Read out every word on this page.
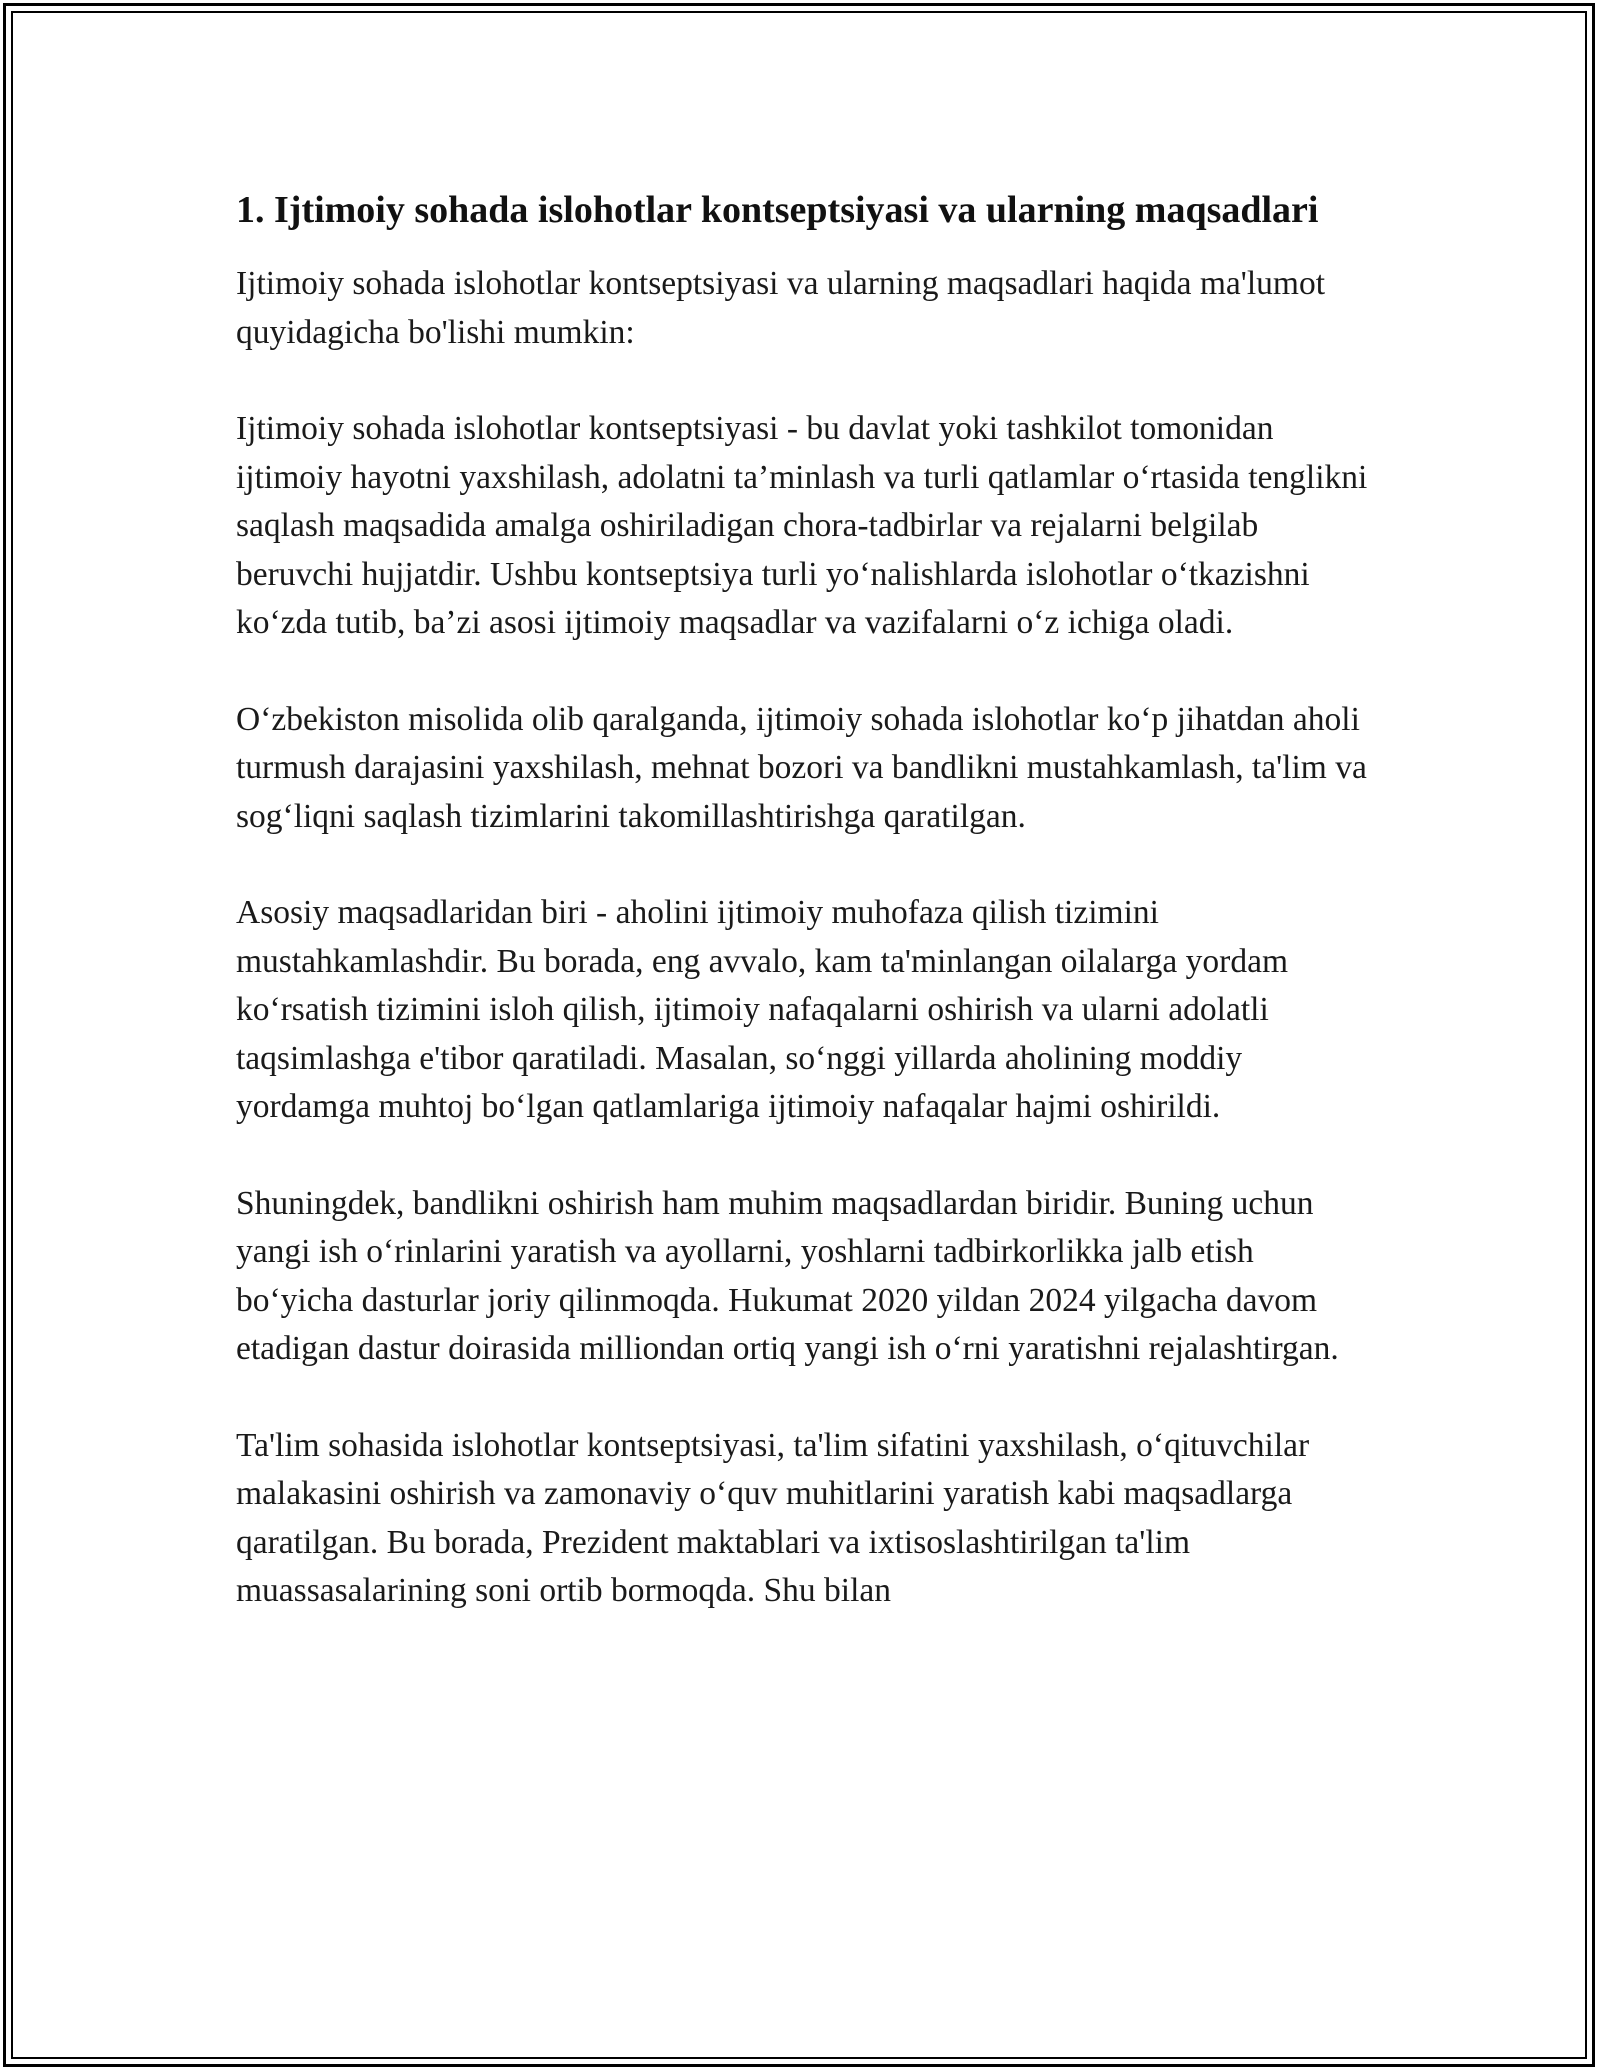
1. Ijtimoiy sohada islohotlar kontseptsiyasi va ularning maqsadlari

Ijtimoiy sohada islohotlar kontseptsiyasi va ularning maqsadlari haqida ma'lumot quyidagicha bo'lishi mumkin:

Ijtimoiy sohada islohotlar kontseptsiyasi - bu davlat yoki tashkilot tomonidan ijtimoiy hayotni yaxshilash, adolatni ta’minlash va turli qatlamlar o‘rtasida tenglikni saqlash maqsadida amalga oshiriladigan chora-tadbirlar va rejalarni belgilab beruvchi hujjatdir. Ushbu kontseptsiya turli yo‘nalishlarda islohotlar o‘tkazishni ko‘zda tutib, ba’zi asosi ijtimoiy maqsadlar va vazifalarni o‘z ichiga oladi.

O‘zbekiston misolida olib qaralganda, ijtimoiy sohada islohotlar ko‘p jihatdan aholi turmush darajasini yaxshilash, mehnat bozori va bandlikni mustahkamlash, ta'lim va sog‘liqni saqlash tizimlarini takomillashtirishga qaratilgan.

Asosiy maqsadlaridan biri - aholini ijtimoiy muhofaza qilish tizimini mustahkamlashdir. Bu borada, eng avvalo, kam ta'minlangan oilalarga yordam ko‘rsatish tizimini isloh qilish, ijtimoiy nafaqalarni oshirish va ularni adolatli taqsimlashga e'tibor qaratiladi. Masalan, so‘nggi yillarda aholining moddiy yordamga muhtoj bo‘lgan qatlamlariga ijtimoiy nafaqalar hajmi oshirildi.

Shuningdek, bandlikni oshirish ham muhim maqsadlardan biridir. Buning uchun yangi ish o‘rinlarini yaratish va ayollarni, yoshlarni tadbirkorlikka jalb etish bo‘yicha dasturlar joriy qilinmoqda. Hukumat 2020 yildan 2024 yilgacha davom etadigan dastur doirasida milliondan ortiq yangi ish o‘rni yaratishni rejalashtirgan.

Ta'lim sohasida islohotlar kontseptsiyasi, ta'lim sifatini yaxshilash, o‘qituvchilar malakasini oshirish va zamonaviy o‘quv muhitlarini yaratish kabi maqsadlarga qaratilgan. Bu borada, Prezident maktablari va ixtisoslashtirilgan ta'lim muassasalarining soni ortib bormoqda. Shu bilan
